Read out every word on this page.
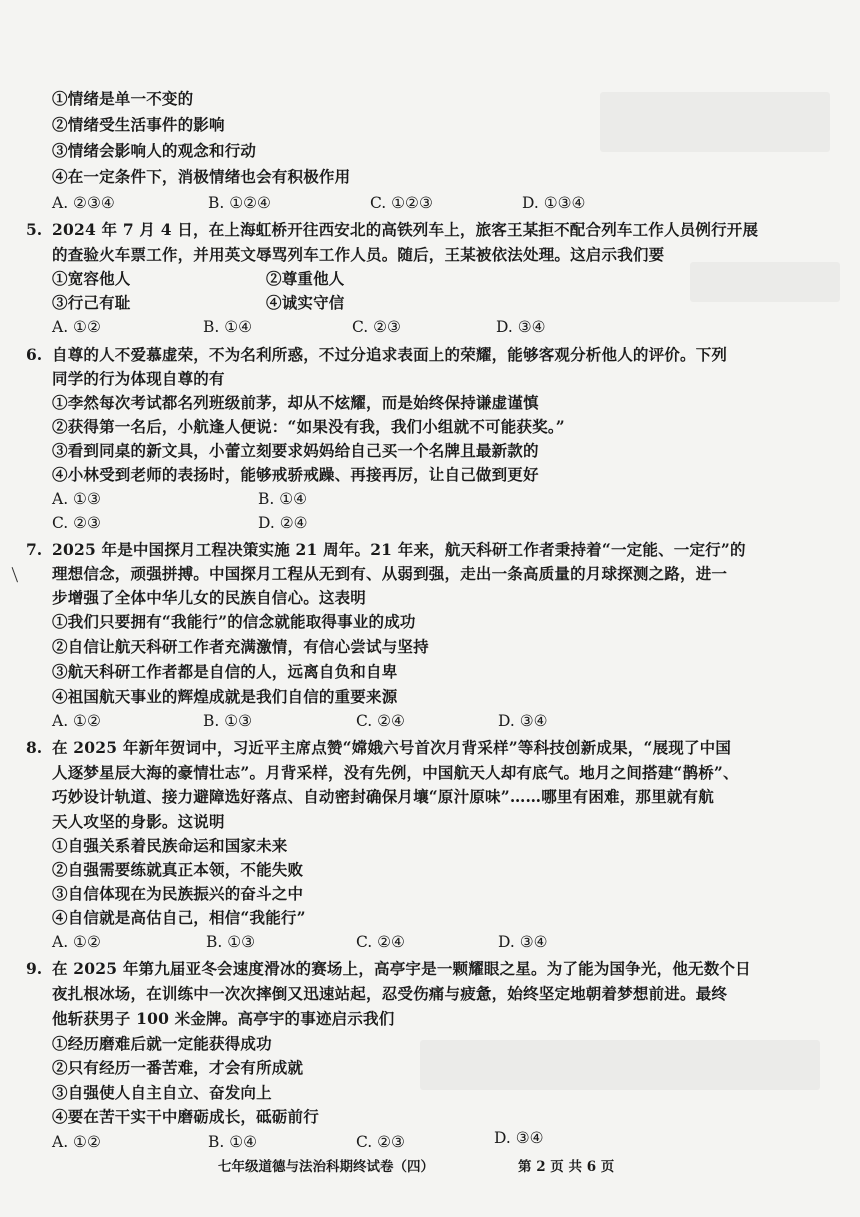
①情绪是单一不变的
②情绪受生活事件的影响
③情绪会影响人的观念和行动
④在一定条件下，消极情绪也会有积极作用
A. ②③④	B. ①②④	C. ①②③	D. ①③④
5. 2024 年 7 月 4 日，在上海虹桥开往西安北的高铁列车上，旅客王某拒不配合列车工作人员例行开展
的查验火车票工作，并用英文辱骂列车工作人员。随后，王某被依法处理。这启示我们要
①宽容他人	②尊重他人
③行己有耻	④诚实守信
A. ①②	B. ①④	C. ②③	D. ③④
6. 自尊的人不爱慕虚荣，不为名利所惑，不过分追求表面上的荣耀，能够客观分析他人的评价。下列
同学的行为体现自尊的有
①李然每次考试都名列班级前茅，却从不炫耀，而是始终保持谦虚谨慎
②获得第一名后，小航逢人便说：“如果没有我，我们小组就不可能获奖。”
③看到同桌的新文具，小蕾立刻要求妈妈给自己买一个名牌且最新款的
④小林受到老师的表扬时，能够戒骄戒躁、再接再厉，让自己做到更好
A. ①③	B. ①④
C. ②③	D. ②④
7. 2025 年是中国探月工程决策实施 21 周年。21 年来，航天科研工作者秉持着“一定能、一定行”的
理想信念，顽强拼搏。中国探月工程从无到有、从弱到强，走出一条高质量的月球探测之路，进一
步增强了全体中华儿女的民族自信心。这表明
①我们只要拥有“我能行”的信念就能取得事业的成功
②自信让航天科研工作者充满激情，有信心尝试与坚持
③航天科研工作者都是自信的人，远离自负和自卑
④祖国航天事业的辉煌成就是我们自信的重要来源
A. ①②	B. ①③	C. ②④	D. ③④
8. 在 2025 年新年贺词中，习近平主席点赞“嫦娥六号首次月背采样”等科技创新成果，“展现了中国
人逐梦星辰大海的豪情壮志”。月背采样，没有先例，中国航天人却有底气。地月之间搭建“鹊桥”、
巧妙设计轨道、接力避障选好落点、自动密封确保月壤“原汁原味”……哪里有困难，那里就有航
天人攻坚的身影。这说明
①自强关系着民族命运和国家未来
②自强需要练就真正本领，不能失败
③自信体现在为民族振兴的奋斗之中
④自信就是高估自己，相信“我能行”
A. ①②	B. ①③	C. ②④	D. ③④
9. 在 2025 年第九届亚冬会速度滑冰的赛场上，高亭宇是一颗耀眼之星。为了能为国争光，他无数个日
夜扎根冰场，在训练中一次次摔倒又迅速站起，忍受伤痛与疲惫，始终坚定地朝着梦想前进。最终
他斩获男子 100 米金牌。高亭宇的事迹启示我们
①经历磨难后就一定能获得成功
②只有经历一番苦难，才会有所成就
③自强使人自主自立、奋发向上
④要在苦干实干中磨砺成长，砥砺前行
A. ①②	B. ①④	C. ②③	D. ③④
七年级道德与法治科期终试卷（四）	第 2 页 共 6 页
